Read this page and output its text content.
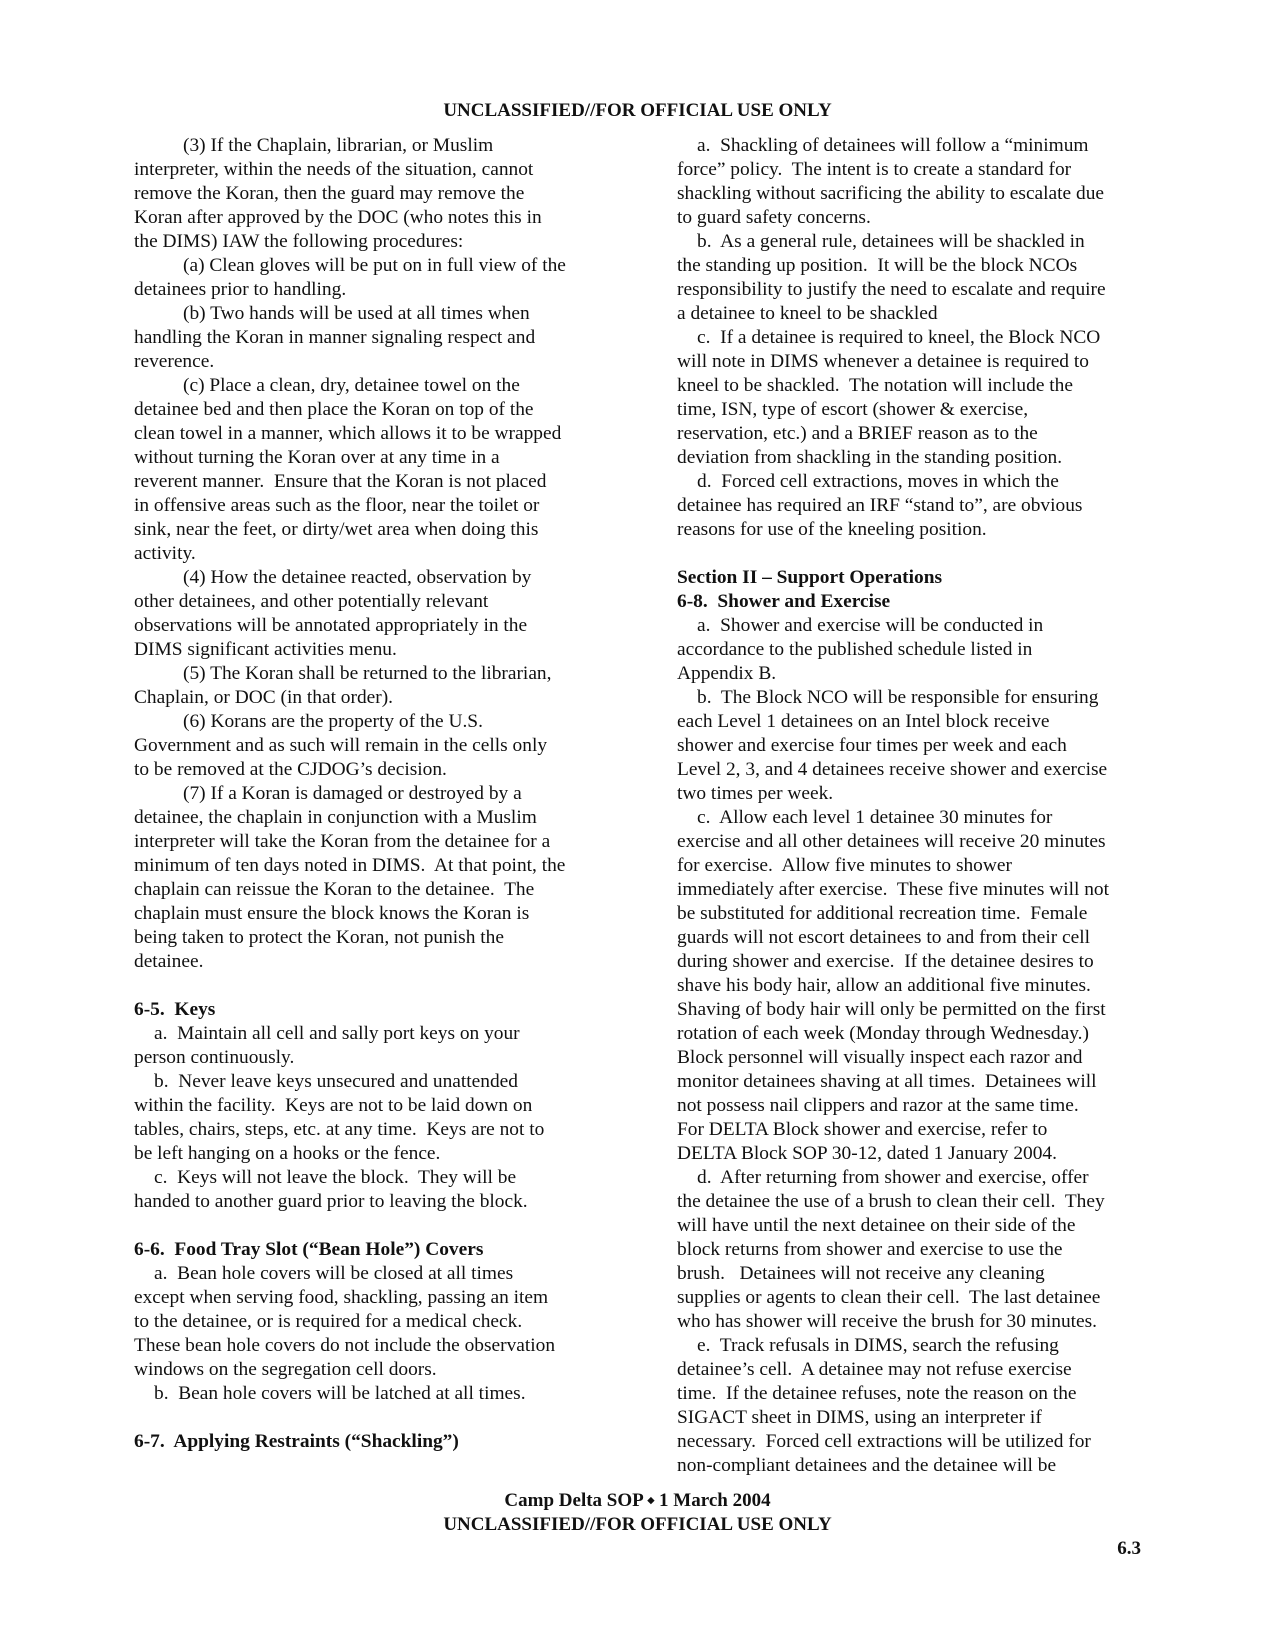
UNCLASSIFIED//FOR OFFICIAL USE ONLY

(3) If the Chaplain, librarian, or Muslim

interpreter, within the needs of the situation, cannot

remove the Koran, then the guard may remove the

Koran after approved by the DOC (who notes this in

the DIMS) IAW the following procedures:

(a) Clean gloves will be put on in full view of the

detainees prior to handling.

(b) Two hands will be used at all times when

handling the Koran in manner signaling respect and

reverence.

(c) Place a clean, dry, detainee towel on the

detainee bed and then place the Koran on top of the

clean towel in a manner, which allows it to be wrapped

without turning the Koran over at any time in a

reverent manner.  Ensure that the Koran is not placed

in offensive areas such as the floor, near the toilet or

sink, near the feet, or dirty/wet area when doing this

activity.

(4) How the detainee reacted, observation by

other detainees, and other potentially relevant

observations will be annotated appropriately in the

DIMS significant activities menu.

(5) The Koran shall be returned to the librarian,

Chaplain, or DOC (in that order).

(6) Korans are the property of the U.S.

Government and as such will remain in the cells only

to be removed at the CJDOG’s decision.

(7) If a Koran is damaged or destroyed by a

detainee, the chaplain in conjunction with a Muslim

interpreter will take the Koran from the detainee for a

minimum of ten days noted in DIMS.  At that point, the

chaplain can reissue the Koran to the detainee.  The

chaplain must ensure the block knows the Koran is

being taken to protect the Koran, not punish the

detainee.

6-5.  Keys

a.  Maintain all cell and sally port keys on your

person continuously.

b.  Never leave keys unsecured and unattended

within the facility.  Keys are not to be laid down on

tables, chairs, steps, etc. at any time.  Keys are not to

be left hanging on a hooks or the fence.

c.  Keys will not leave the block.  They will be

handed to another guard prior to leaving the block.

6-6.  Food Tray Slot (“Bean Hole”) Covers

a.  Bean hole covers will be closed at all times

except when serving food, shackling, passing an item

to the detainee, or is required for a medical check.

These bean hole covers do not include the observation

windows on the segregation cell doors.

b.  Bean hole covers will be latched at all times.

6-7.  Applying Restraints (“Shackling”)

a.  Shackling of detainees will follow a “minimum

force” policy.  The intent is to create a standard for

shackling without sacrificing the ability to escalate due

to guard safety concerns.

b.  As a general rule, detainees will be shackled in

the standing up position.  It will be the block NCOs

responsibility to justify the need to escalate and require

a detainee to kneel to be shackled

c.  If a detainee is required to kneel, the Block NCO

will note in DIMS whenever a detainee is required to

kneel to be shackled.  The notation will include the

time, ISN, type of escort (shower & exercise,

reservation, etc.) and a BRIEF reason as to the

deviation from shackling in the standing position.

d.  Forced cell extractions, moves in which the

detainee has required an IRF “stand to”, are obvious

reasons for use of the kneeling position.

Section II – Support Operations
6-8.  Shower and Exercise

a.  Shower and exercise will be conducted in

accordance to the published schedule listed in

Appendix B.

b.  The Block NCO will be responsible for ensuring

each Level 1 detainees on an Intel block receive

shower and exercise four times per week and each

Level 2, 3, and 4 detainees receive shower and exercise

two times per week.

c.  Allow each level 1 detainee 30 minutes for

exercise and all other detainees will receive 20 minutes

for exercise.  Allow five minutes to shower

immediately after exercise.  These five minutes will not

be substituted for additional recreation time.  Female

guards will not escort detainees to and from their cell

during shower and exercise.  If the detainee desires to

shave his body hair, allow an additional five minutes.

Shaving of body hair will only be permitted on the first

rotation of each week (Monday through Wednesday.)

Block personnel will visually inspect each razor and

monitor detainees shaving at all times.  Detainees will

not possess nail clippers and razor at the same time.

For DELTA Block shower and exercise, refer to

DELTA Block SOP 30-12, dated 1 January 2004.

d.  After returning from shower and exercise, offer

the detainee the use of a brush to clean their cell.  They

will have until the next detainee on their side of the

block returns from shower and exercise to use the

brush.   Detainees will not receive any cleaning

supplies or agents to clean their cell.  The last detainee

who has shower will receive the brush for 30 minutes.

e.  Track refusals in DIMS, search the refusing

detainee’s cell.  A detainee may not refuse exercise

time.  If the detainee refuses, note the reason on the

SIGACT sheet in DIMS, using an interpreter if

necessary.  Forced cell extractions will be utilized for

non-compliant detainees and the detainee will be

Camp Delta SOP ⬩ 1 March 2004
UNCLASSIFIED//FOR OFFICIAL USE ONLY
6.3
